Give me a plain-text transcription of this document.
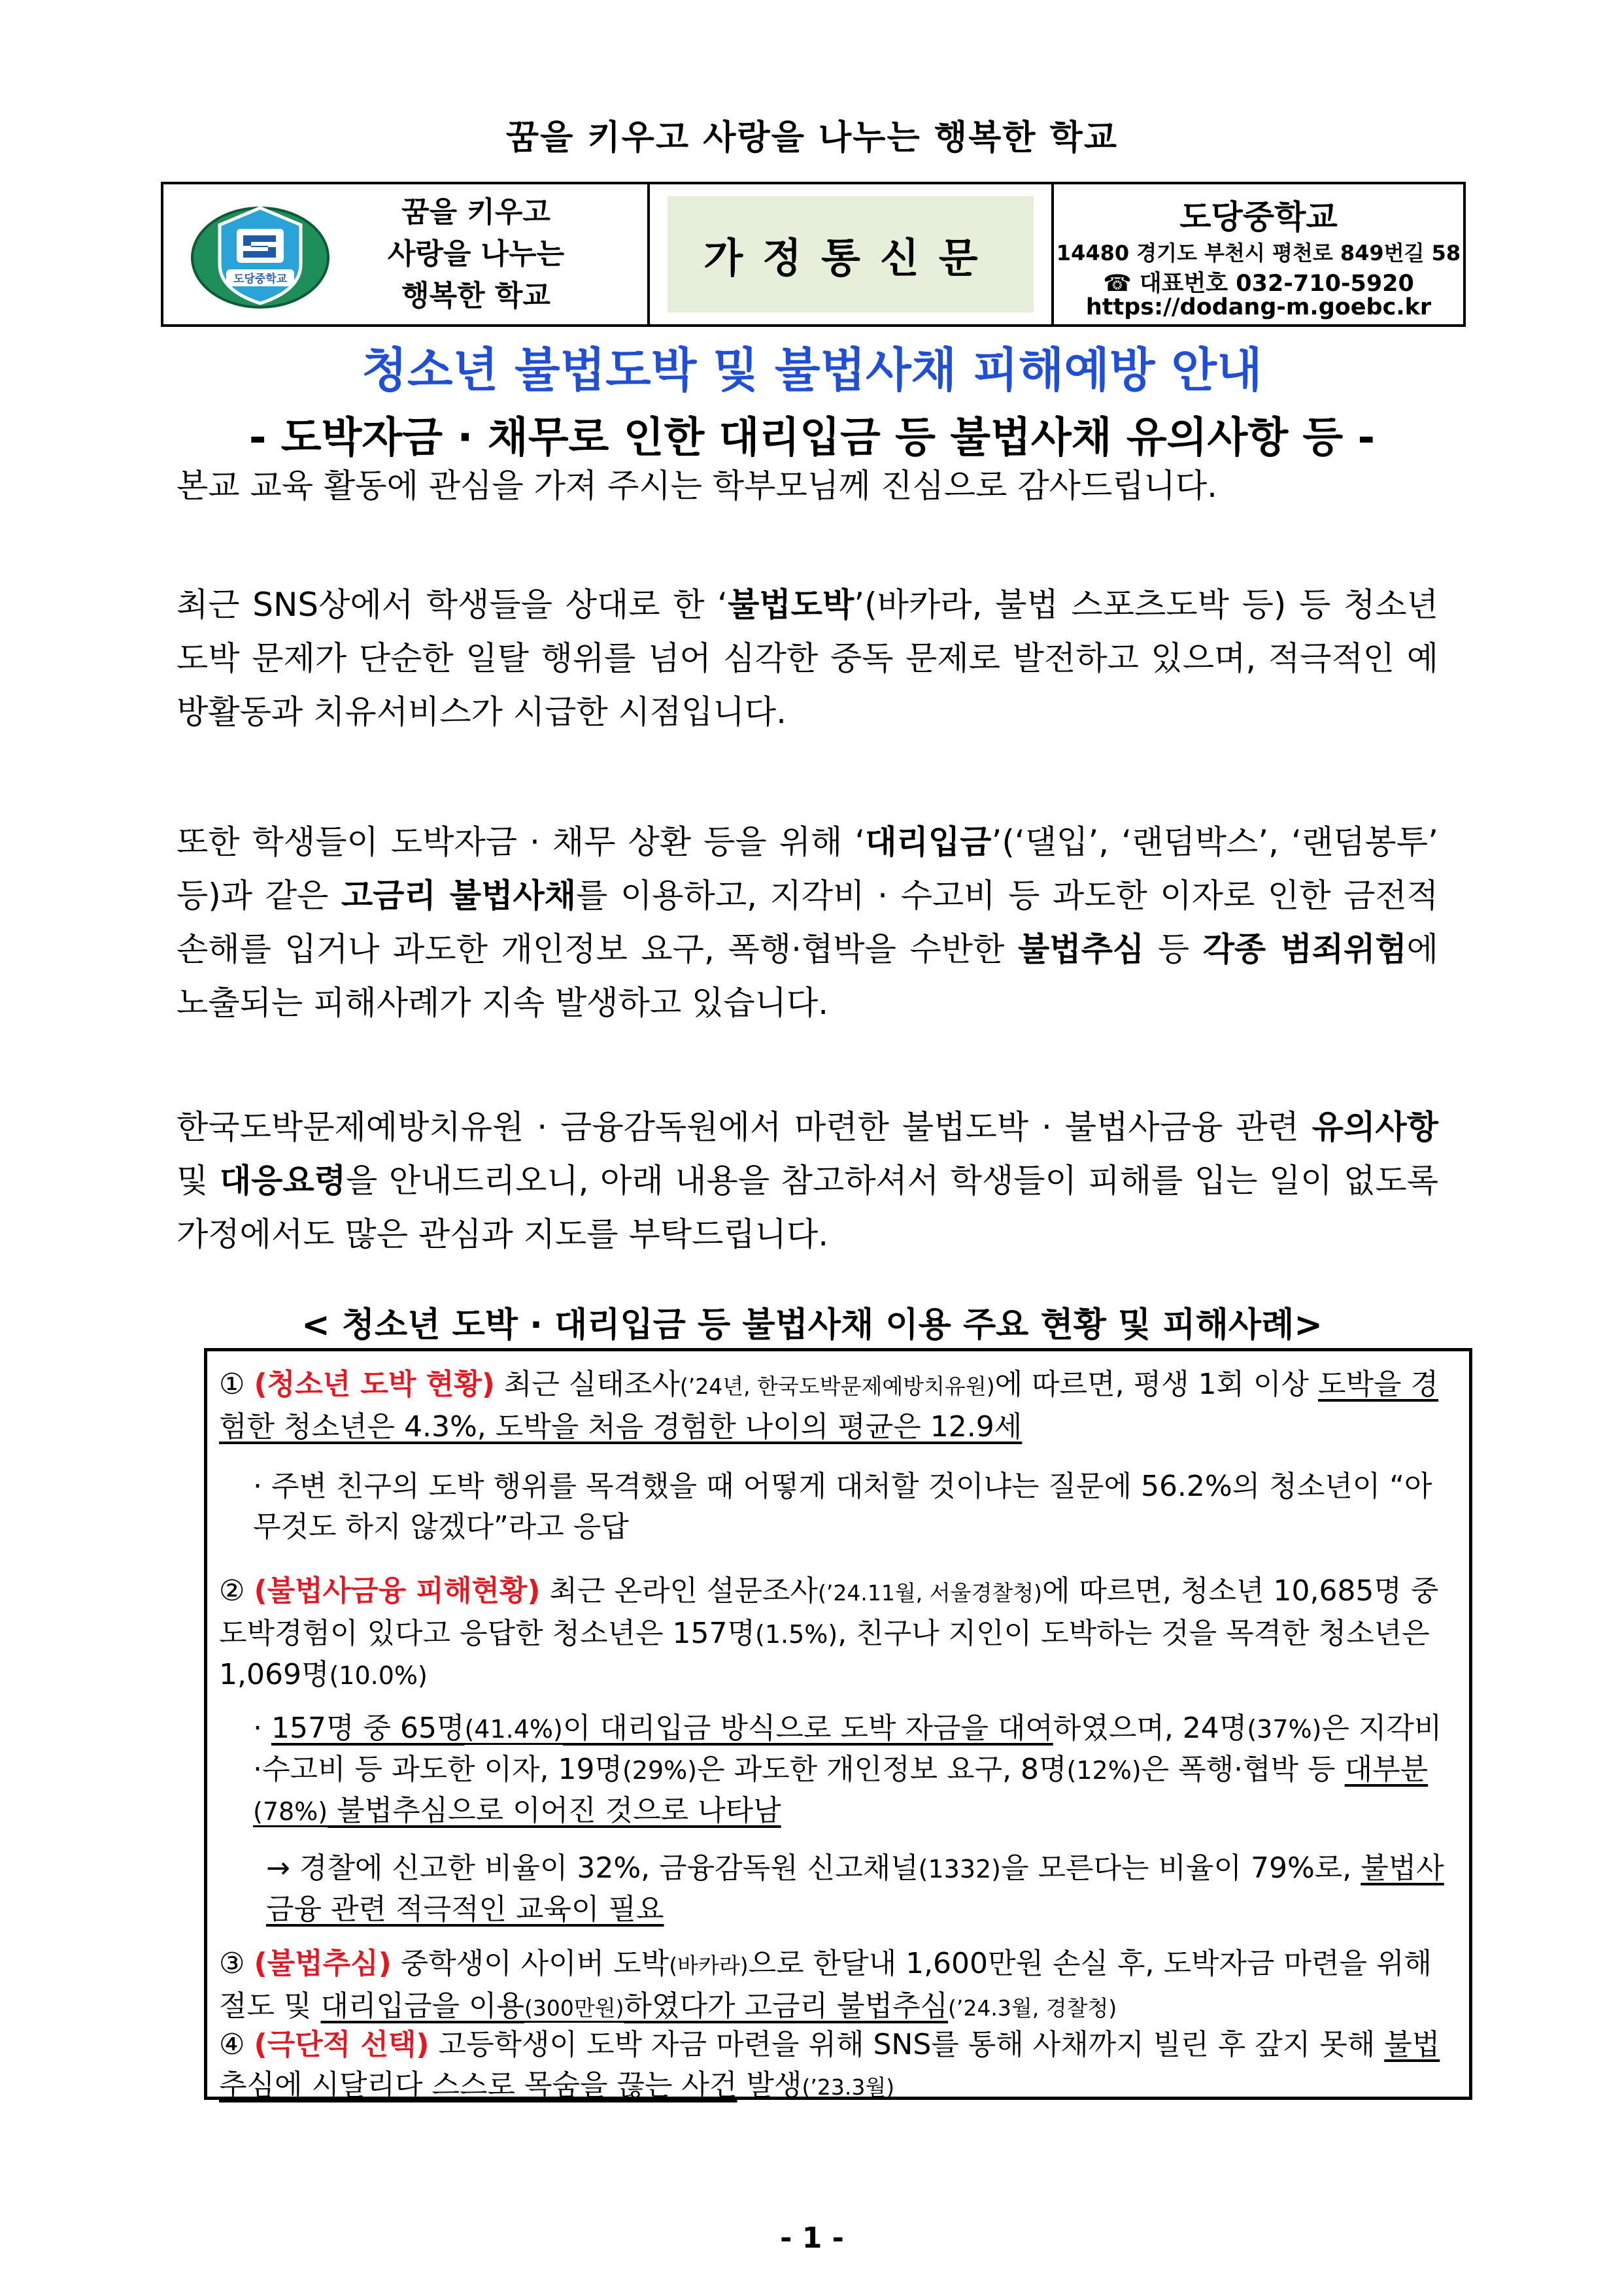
꿈을 키우고 사랑을 나누는 행복한 학교
도당중학교
꿈을 키우고
사랑을 나누는
행복한 학교
가정통신문
도당중학교
14480 경기도 부천시 평천로 849번길 58
☎ 대표번호 032-710-5920
https://dodang-m.goebc.kr
청소년 불법도박 및 불법사채 피해예방 안내
- 도박자금 · 채무로 인한 대리입금 등 불법사채 유의사항 등 -
본교 교육 활동에 관심을 가져 주시는 학부모님께 진심으로 감사드립니다.
최근 SNS상에서 학생들을 상대로 한 ‘불법도박’(바카라, 불법 스포츠도박 등) 등 청소년 도박 문제가 단순한 일탈 행위를 넘어 심각한 중독 문제로 발전하고 있으며, 적극적인 예방활동과 치유서비스가 시급한 시점입니다.
또한 학생들이 도박자금 · 채무 상환 등을 위해 ‘대리입금’(‘댈입’, ‘랜덤박스’, ‘랜덤봉투’ 등)과 같은 고금리 불법사채를 이용하고, 지각비 · 수고비 등 과도한 이자로 인한 금전적 손해를 입거나 과도한 개인정보 요구, 폭행·협박을 수반한 불법추심 등 각종 범죄위험에 노출되는 피해사례가 지속 발생하고 있습니다.
한국도박문제예방치유원 · 금융감독원에서 마련한 불법도박 · 불법사금융 관련 유의사항 및 대응요령을 안내드리오니, 아래 내용을 참고하셔서 학생들이 피해를 입는 일이 없도록 가정에서도 많은 관심과 지도를 부탁드립니다.
< 청소년 도박 · 대리입금 등 불법사채 이용 주요 현황 및 피해사례>
① (청소년 도박 현황) 최근 실태조사(’24년, 한국도박문제예방치유원)에 따르면, 평생 1회 이상 도박을 경험한 청소년은 4.3%, 도박을 처음 경험한 나이의 평균은 12.9세
· 주변 친구의 도박 행위를 목격했을 때 어떻게 대처할 것이냐는 질문에 56.2%의 청소년이 “아무것도 하지 않겠다”라고 응답
② (불법사금융 피해현황) 최근 온라인 설문조사(’24.11월, 서울경찰청)에 따르면, 청소년 10,685명 중 도박경험이 있다고 응답한 청소년은 157명(1.5%), 친구나 지인이 도박하는 것을 목격한 청소년은 1,069명(10.0%)
· 157명 중 65명(41.4%)이 대리입금 방식으로 도박 자금을 대여하였으며, 24명(37%)은 지각비·수고비 등 과도한 이자, 19명(29%)은 과도한 개인정보 요구, 8명(12%)은 폭행·협박 등 대부분(78%) 불법추심으로 이어진 것으로 나타남
→ 경찰에 신고한 비율이 32%, 금융감독원 신고채널(1332)을 모른다는 비율이 79%로, 불법사금융 관련 적극적인 교육이 필요
③ (불법추심) 중학생이 사이버 도박(바카라)으로 한달내 1,600만원 손실 후, 도박자금 마련을 위해 절도 및 대리입금을 이용(300만원)하였다가 고금리 불법추심(’24.3월, 경찰청)
④ (극단적 선택) 고등학생이 도박 자금 마련을 위해 SNS를 통해 사채까지 빌린 후 갚지 못해 불법추심에 시달리다 스스로 목숨을 끊는 사건 발생(’23.3월)
- 1 -
